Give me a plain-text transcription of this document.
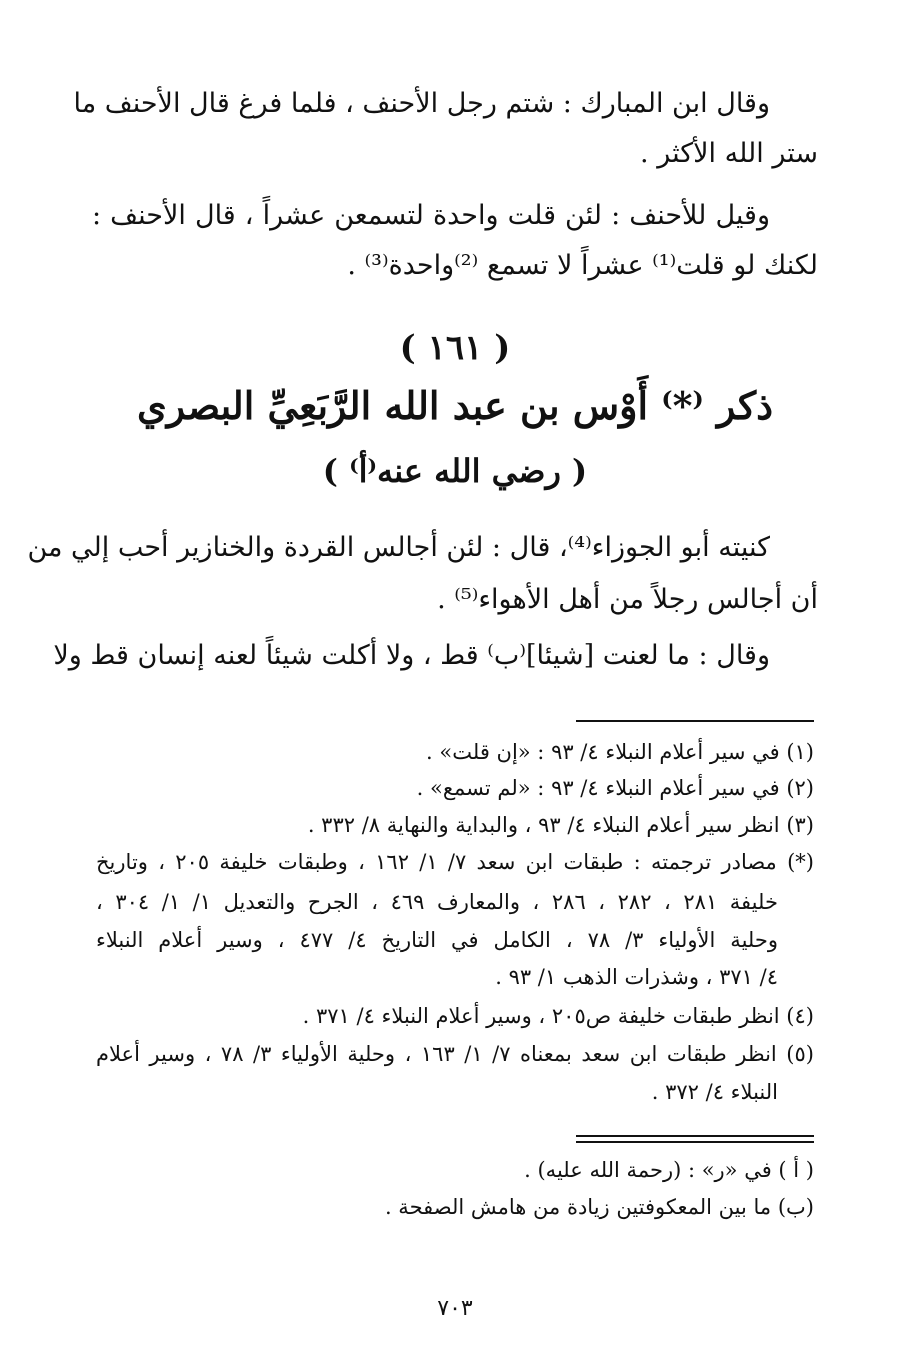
وقال ابن المبارك : شتم رجل الأحنف ، فلما فرغ قال الأحنف ما
ستر الله الأكثر .
وقيل للأحنف : لئن قلت واحدة لتسمعن عشراً ، قال الأحنف :
لكنك لو قلت⁽¹⁾ عشراً لا تسمع ⁽²⁾واحدة⁽³⁾ .
( ١٦١ )
ذكر ⁽*⁾ أَوْس بن عبد الله الرَّبَعِيِّ البصري
( رضي الله عنه⁽أ⁾ )
كنيته أبو الجوزاء⁽⁴⁾، قال : لئن أجالس القردة والخنازير أحب إلي من
أن أجالس رجلاً من أهل الأهواء⁽⁵⁾ .
وقال : ما لعنت [شيئا]⁽ب⁾ قط ، ولا أكلت شيئاً لعنه إنسان قط ولا
(١) في سير أعلام النبلاء ٤/ ٩٣ : «إن قلت» .
(٢) في سير أعلام النبلاء ٤/ ٩٣ : «لم تسمع» .
(٣) انظر سير أعلام النبلاء ٤/ ٩٣ ، والبداية والنهاية ٨/ ٣٣٢ .
(*) مصادر ترجمته : طبقات ابن سعد ٧/ ١/ ١٦٢ ، وطبقات خليفة ٢٠٥ ، وتاريخ
خليفة ٢٨١ ، ٢٨٢ ، ٢٨٦ ، والمعارف ٤٦٩ ، الجرح والتعديل ١/ ١/ ٣٠٤ ،
وحلية الأولياء ٣/ ٧٨ ، الكامل في التاريخ ٤/ ٤٧٧ ، وسير أعلام النبلاء
٤/ ٣٧١ ، وشذرات الذهب ١/ ٩٣ .
(٤) انظر طبقات خليفة ص٢٠٥ ، وسير أعلام النبلاء ٤/ ٣٧١ .
(٥) انظر طبقات ابن سعد بمعناه ٧/ ١/ ١٦٣ ، وحلية الأولياء ٣/ ٧٨ ، وسير أعلام
النبلاء ٤/ ٣٧٢ .
( أ ) في «ر» : (رحمة الله عليه) .
(ب) ما بين المعكوفتين زيادة من هامش الصفحة .
٧٠٣
